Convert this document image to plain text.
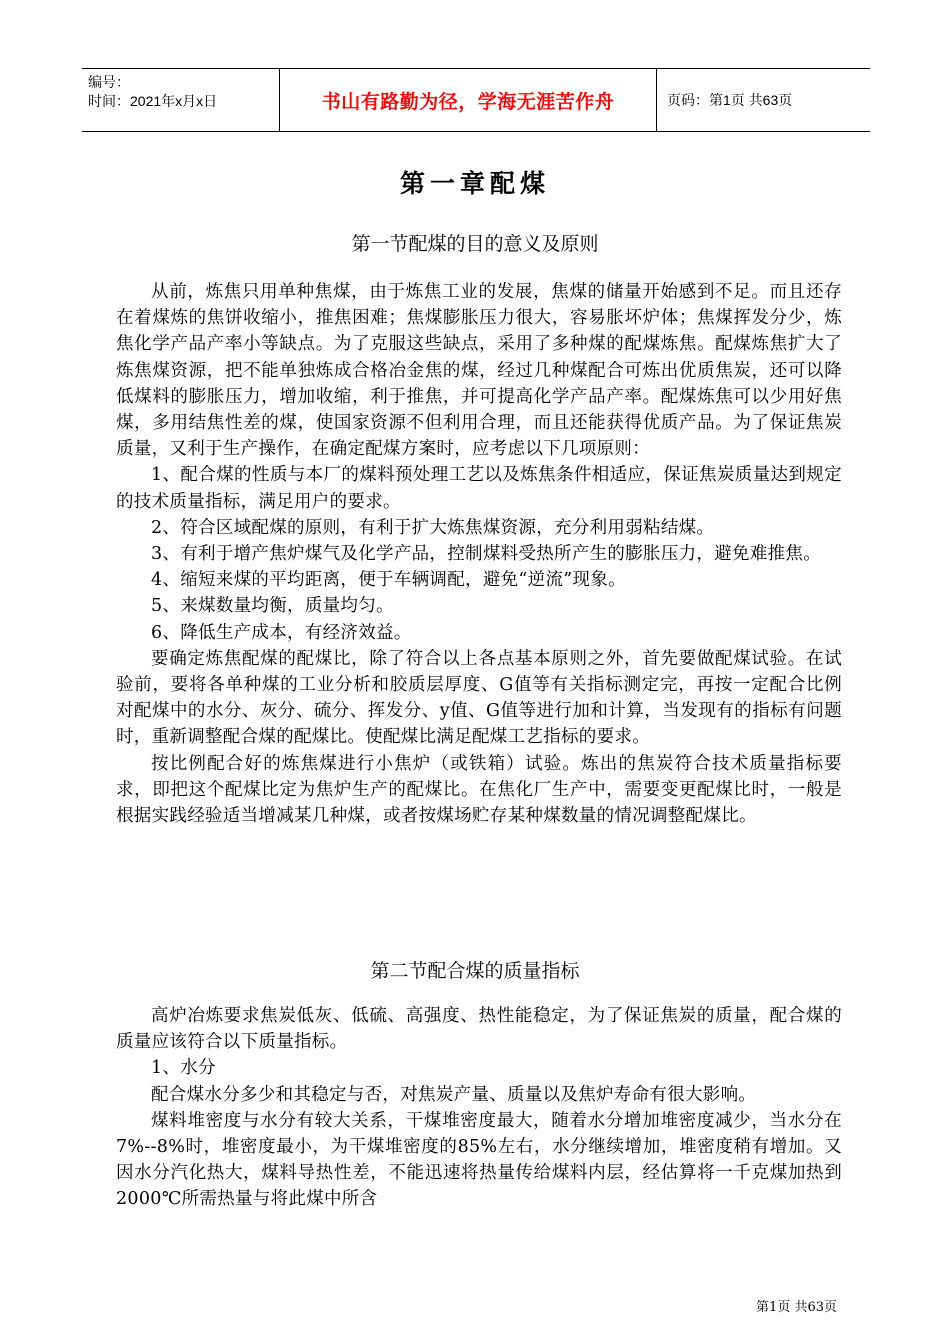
编号：
时间：2021年x月x日	书山有路勤为径，学海无涯苦作舟	页码：第1页 共63页
第一章配煤
第一节配煤的目的意义及原则

从前，炼焦只用单种焦煤，由于炼焦工业的发展，焦煤的储量开始感到不足。而且还存在着煤炼的焦饼收缩小，推焦困难；焦煤膨胀压力很大，容易胀坏炉体；焦煤挥发分少，炼焦化学产品产率小等缺点。为了克服这些缺点，采用了多种煤的配煤炼焦。配煤炼焦扩大了炼焦煤资源，把不能单独炼成合格冶金焦的煤，经过几种煤配合可炼出优质焦炭，还可以降低煤料的膨胀压力，增加收缩，利于推焦，并可提高化学产品产率。配煤炼焦可以少用好焦煤，多用结焦性差的煤，使国家资源不但利用合理，而且还能获得优质产品。为了保证焦炭质量，又利于生产操作，在确定配煤方案时，应考虑以下几项原则：

1、配合煤的性质与本厂的煤料预处理工艺以及炼焦条件相适应，保证焦炭质量达到规定的技术质量指标，满足用户的要求。

2、符合区域配煤的原则，有利于扩大炼焦煤资源，充分利用弱粘结煤。

3、有利于增产焦炉煤气及化学产品，控制煤料受热所产生的膨胀压力，避免难推焦。

4、缩短来煤的平均距离，便于车辆调配，避免“逆流”现象。

5、来煤数量均衡，质量均匀。

6、降低生产成本，有经济效益。

要确定炼焦配煤的配煤比，除了符合以上各点基本原则之外，首先要做配煤试验。在试验前，要将各单种煤的工业分析和胶质层厚度、G值等有关指标测定完，再按一定配合比例对配煤中的水分、灰分、硫分、挥发分、y值、G值等进行加和计算，当发现有的指标有问题时，重新调整配合煤的配煤比。使配煤比满足配煤工艺指标的要求。

按比例配合好的炼焦煤进行小焦炉（或铁箱）试验。炼出的焦炭符合技术质量指标要求，即把这个配煤比定为焦炉生产的配煤比。在焦化厂生产中，需要变更配煤比时，一般是根据实践经验适当增减某几种煤，或者按煤场贮存某种煤数量的情况调整配煤比。

第二节配合煤的质量指标

高炉冶炼要求焦炭低灰、低硫、高强度、热性能稳定，为了保证焦炭的质量，配合煤的质量应该符合以下质量指标。

1、水分

配合煤水分多少和其稳定与否，对焦炭产量、质量以及焦炉寿命有很大影响。

煤料堆密度与水分有较大关系，干煤堆密度最大，随着水分增加堆密度减少，当水分在7%--8%时，堆密度最小，为干煤堆密度的85%左右，水分继续增加，堆密度稍有增加。又因水分汽化热大，煤料导热性差，不能迅速将热量传给煤料内层，经估算将一千克煤加热到2000℃所需热量与将此煤中所含

第1页 共63页
